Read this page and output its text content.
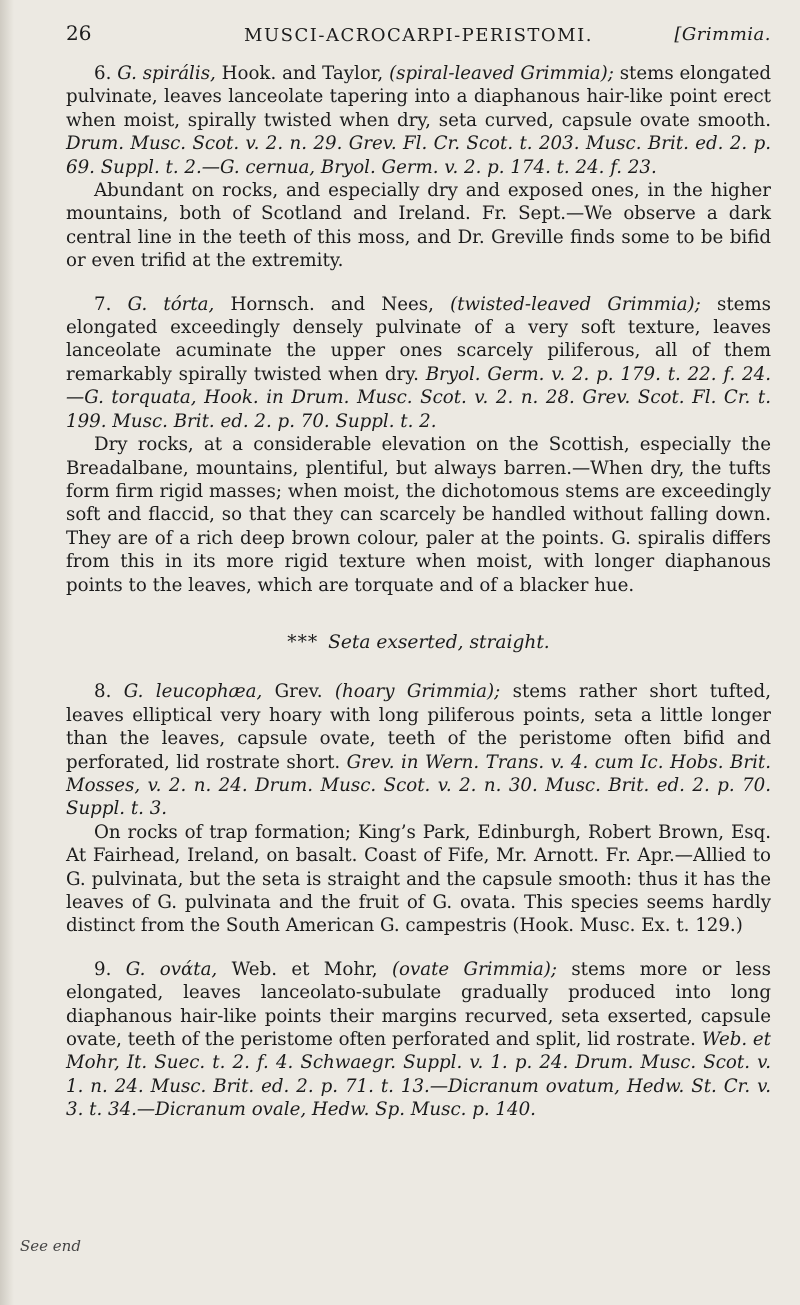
26	MUSCI-ACROCARPI-PERISTOMI.	[Grimmia.

6. G. spirális, Hook. and Taylor, (spiral-leaved Grimmia); stems elongated pulvinate, leaves lanceolate tapering into a diaphanous hair-like point erect when moist, spirally twisted when dry, seta curved, capsule ovate smooth. Drum. Musc. Scot. v. 2. n. 29. Grev. Fl. Cr. Scot. t. 203. Musc. Brit. ed. 2. p. 69. Suppl. t. 2.—G. cernua, Bryol. Germ. v. 2. p. 174. t. 24. f. 23.

Abundant on rocks, and especially dry and exposed ones, in the higher mountains, both of Scotland and Ireland. Fr. Sept.—We observe a dark central line in the teeth of this moss, and Dr. Greville finds some to be bifid or even trifid at the extremity.

7. G. tórta, Hornsch. and Nees, (twisted-leaved Grimmia); stems elongated exceedingly densely pulvinate of a very soft texture, leaves lanceolate acuminate the upper ones scarcely piliferous, all of them remarkably spirally twisted when dry. Bryol. Germ. v. 2. p. 179. t. 22. f. 24.—G. torquata, Hook. in Drum. Musc. Scot. v. 2. n. 28. Grev. Scot. Fl. Cr. t. 199. Musc. Brit. ed. 2. p. 70. Suppl. t. 2.

Dry rocks, at a considerable elevation on the Scottish, especially the Breadalbane, mountains, plentiful, but always barren.—When dry, the tufts form firm rigid masses; when moist, the dichotomous stems are exceedingly soft and flaccid, so that they can scarcely be handled without falling down. They are of a rich deep brown colour, paler at the points. G. spiralis differs from this in its more rigid texture when moist, with longer diaphanous points to the leaves, which are torquate and of a blacker hue.

*** Seta exserted, straight.

8. G. leucophæa, Grev. (hoary Grimmia); stems rather short tufted, leaves elliptical very hoary with long piliferous points, seta a little longer than the leaves, capsule ovate, teeth of the peristome often bifid and perforated, lid rostrate short. Grev. in Wern. Trans. v. 4. cum Ic. Hobs. Brit. Mosses, v. 2. n. 24. Drum. Musc. Scot. v. 2. n. 30. Musc. Brit. ed. 2. p. 70. Suppl. t. 3.

On rocks of trap formation; King’s Park, Edinburgh, Robert Brown, Esq. At Fairhead, Ireland, on basalt. Coast of Fife, Mr. Arnott. Fr. Apr.—Allied to G. pulvinata, but the seta is straight and the capsule smooth: thus it has the leaves of G. pulvinata and the fruit of G. ovata. This species seems hardly distinct from the South American G. campestris (Hook. Musc. Ex. t. 129.)

9. G. ovάta, Web. et Mohr, (ovate Grimmia); stems more or less elongated, leaves lanceolato-subulate gradually produced into long diaphanous hair-like points their margins recurved, seta exserted, capsule ovate, teeth of the peristome often perforated and split, lid rostrate. Web. et Mohr, It. Suec. t. 2. f. 4. Schwaegr. Suppl. v. 1. p. 24. Drum. Musc. Scot. v. 1. n. 24. Musc. Brit. ed. 2. p. 71. t. 13.—Dicranum ovatum, Hedw. St. Cr. v. 3. t. 34.—Dicranum ovale, Hedw. Sp. Musc. p. 140.

See end
